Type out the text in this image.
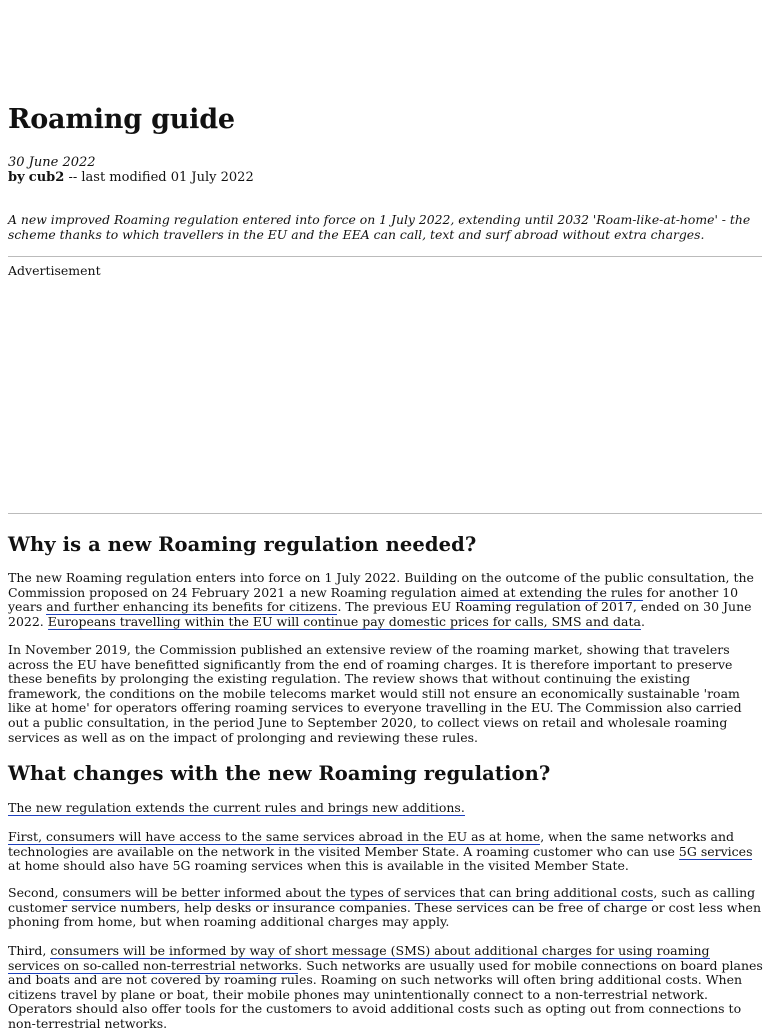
Roaming guide
30 June 2022
by cub2 -- last modified 01 July 2022

A new improved Roaming regulation entered into force on 1 July 2022, extending until 2032 'Roam-like-at-home' - the scheme thanks to which travellers in the EU and the EEA can call, text and surf abroad without extra charges.

Advertisement
Why is a new Roaming regulation needed?

The new Roaming regulation enters into force on 1 July 2022. Building on the outcome of the public consultation, the Commission proposed on 24 February 2021 a new Roaming regulation aimed at extending the rules for another 10 years and further enhancing its benefits for citizens. The previous EU Roaming regulation of 2017, ended on 30 June 2022. Europeans travelling within the EU will continue pay domestic prices for calls, SMS and data.

In November 2019, the Commission published an extensive review of the roaming market, showing that travelers across the EU have benefitted significantly from the end of roaming charges. It is therefore important to preserve these benefits by prolonging the existing regulation. The review shows that without continuing the existing framework, the conditions on the mobile telecoms market would still not ensure an economically sustainable 'roam like at home' for operators offering roaming services to everyone travelling in the EU. The Commission also carried out a public consultation, in the period June to September 2020, to collect views on retail and wholesale roaming services as well as on the impact of prolonging and reviewing these rules.

What changes with the new Roaming regulation?

The new regulation extends the current rules and brings new additions.

First, consumers will have access to the same services abroad in the EU as at home, when the same networks and technologies are available on the network in the visited Member State. A roaming customer who can use 5G services at home should also have 5G roaming services when this is available in the visited Member State.

Second, consumers will be better informed about the types of services that can bring additional costs, such as calling customer service numbers, help desks or insurance companies. These services can be free of charge or cost less when phoning from home, but when roaming additional charges may apply.

Third, consumers will be informed by way of short message (SMS) about additional charges for using roaming services on so-called non-terrestrial networks. Such networks are usually used for mobile connections on board planes and boats and are not covered by roaming rules. Roaming on such networks will often bring additional costs. When citizens travel by plane or boat, their mobile phones may unintentionally connect to a non-terrestrial network. Operators should also offer tools for the customers to avoid additional costs such as opting out from connections to non-terrestrial networks.
